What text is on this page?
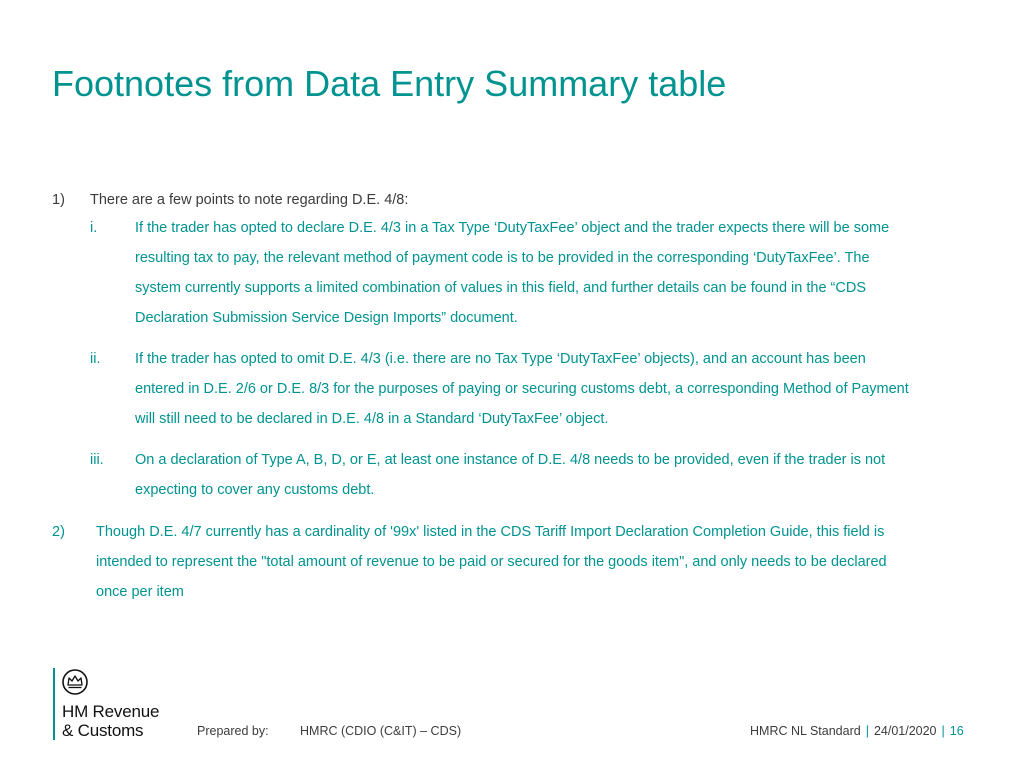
Footnotes from Data Entry Summary table
1) There are a few points to note regarding D.E. 4/8:
i.	If the trader has opted to declare D.E. 4/3 in a Tax Type ‘DutyTaxFee’ object and the trader expects there will be some
resulting tax to pay, the relevant method of payment code is to be provided in the corresponding ‘DutyTaxFee’. The
system currently supports a limited combination of values in this field, and further details can be found in the “CDS
Declaration Submission Service Design Imports” document.
ii. If the trader has opted to omit D.E. 4/3 (i.e. there are no Tax Type ‘DutyTaxFee’ objects), and an account has been
entered in D.E. 2/6 or D.E. 8/3 for the purposes of paying or securing customs debt, a corresponding Method of Payment
will still need to be declared in D.E. 4/8 in a Standard ‘DutyTaxFee’ object.
iii. On a declaration of Type A, B, D, or E, at least one instance of D.E. 4/8 needs to be provided, even if the trader is not
expecting to cover any customs debt.
2) Though D.E. 4/7 currently has a cardinality of '99x' listed in the CDS Tariff Import Declaration Completion Guide, this field is
intended to represent the "total amount of revenue to be paid or secured for the goods item", and only needs to be declared
once per item
HM Revenue
& Customs	Prepared by:	HMRC (CDIO (C&IT) – CDS)	HMRC NL Standard | 24/01/2020 | 16
